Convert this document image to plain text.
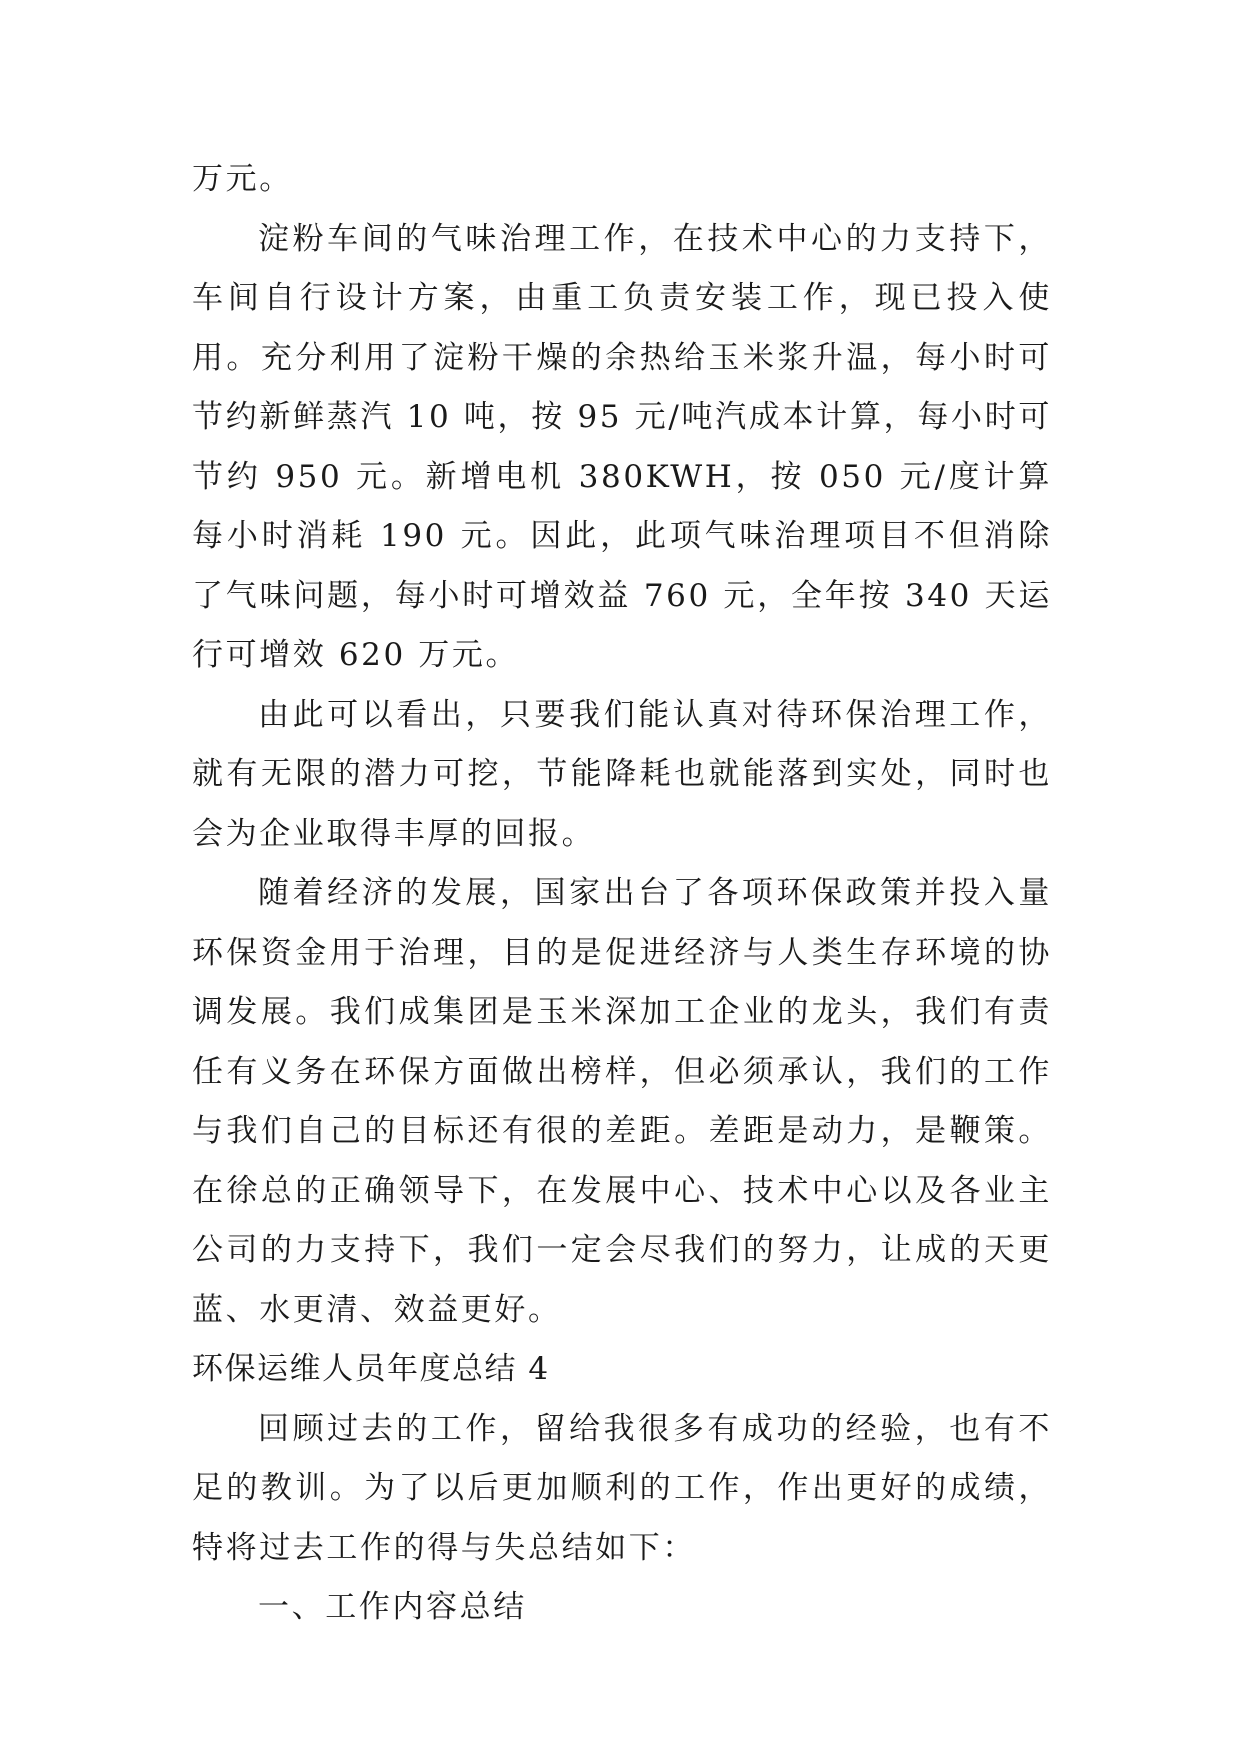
万元。

淀粉车间的气味治理工作，在技术中心的力支持下，车间自行设计方案，由重工负责安装工作，现已投入使用。充分利用了淀粉干燥的余热给玉米浆升温，每小时可节约新鲜蒸汽 10 吨，按 95 元/吨汽成本计算，每小时可节约 950 元。新增电机 380KWH，按 050 元/度计算每小时消耗 190 元。因此，此项气味治理项目不但消除了气味问题，每小时可增效益 760 元，全年按 340 天运行可增效 620 万元。

由此可以看出，只要我们能认真对待环保治理工作，就有无限的潜力可挖，节能降耗也就能落到实处，同时也会为企业取得丰厚的回报。

随着经济的发展，国家出台了各项环保政策并投入量环保资金用于治理，目的是促进经济与人类生存环境的协调发展。我们成集团是玉米深加工企业的龙头，我们有责任有义务在环保方面做出榜样，但必须承认，我们的工作与我们自己的目标还有很的差距。差距是动力，是鞭策。在徐总的正确领导下，在发展中心、技术中心以及各业主公司的力支持下，我们一定会尽我们的努力，让成的天更蓝、水更清、效益更好。

环保运维人员年度总结 4

回顾过去的工作，留给我很多有成功的经验，也有不足的教训。为了以后更加顺利的工作，作出更好的成绩，特将过去工作的得与失总结如下：

一、工作内容总结
